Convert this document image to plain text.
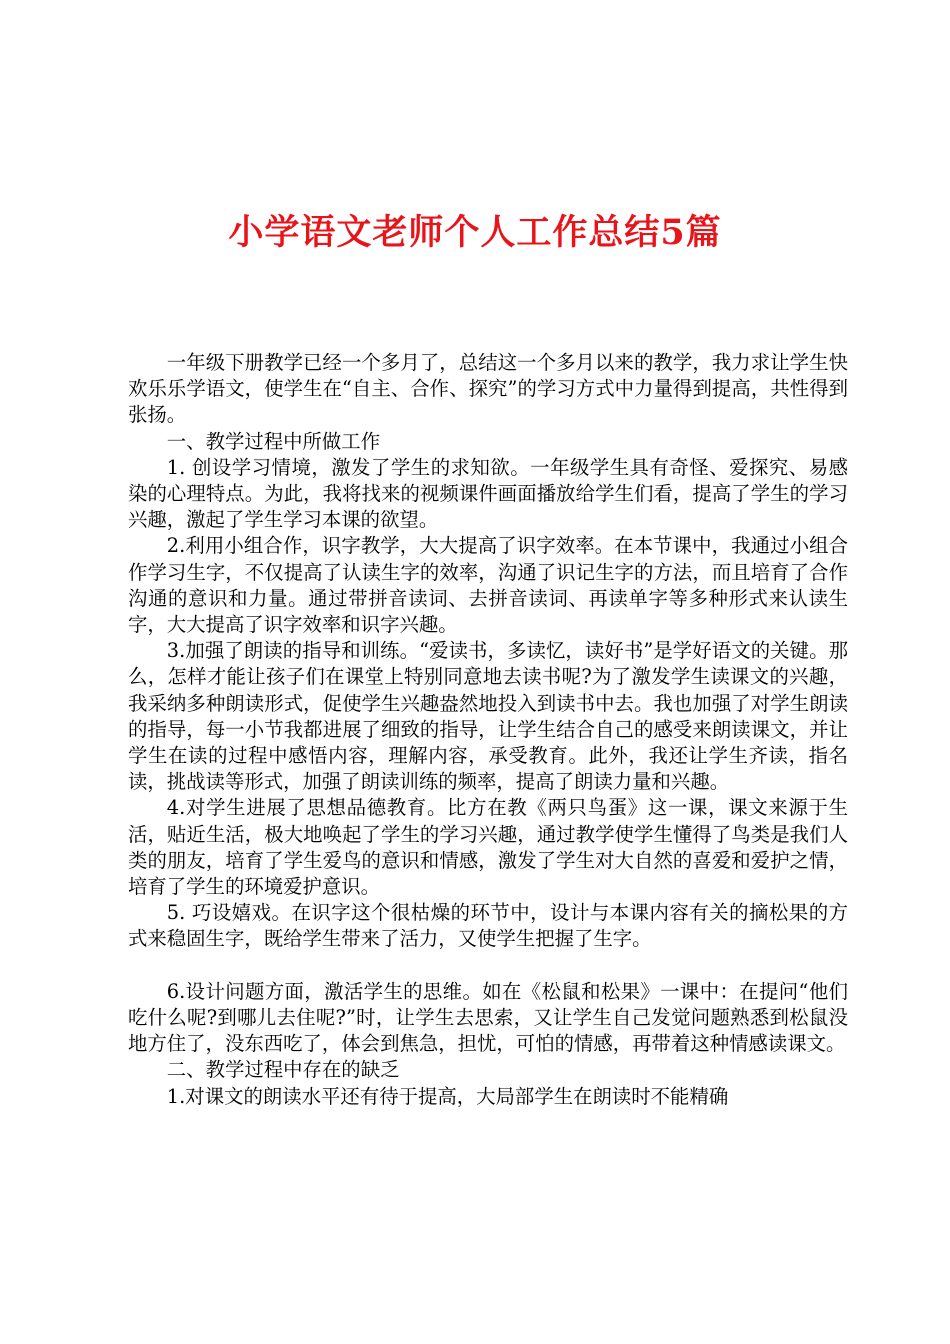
小学语文老师个人工作总结5篇

一年级下册教学已经一个多月了，总结这一个多月以来的教学，我力求让学生快欢乐乐学语文，使学生在“自主、合作、探究”的学习方式中力量得到提高，共性得到张扬。

一、教学过程中所做工作

1. 创设学习情境，激发了学生的求知欲。一年级学生具有奇怪、爱探究、易感染的心理特点。为此，我将找来的视频课件画面播放给学生们看，提高了学生的学习兴趣，激起了学生学习本课的欲望。

2.利用小组合作，识字教学，大大提高了识字效率。在本节课中，我通过小组合作学习生字，不仅提高了认读生字的效率，沟通了识记生字的方法，而且培育了合作沟通的意识和力量。通过带拼音读词、去拼音读词、再读单字等多种形式来认读生字，大大提高了识字效率和识字兴趣。

3.加强了朗读的指导和训练。“爱读书，多读忆，读好书”是学好语文的关键。那么，怎样才能让孩子们在课堂上特别同意地去读书呢?为了激发学生读课文的兴趣，我采纳多种朗读形式，促使学生兴趣盎然地投入到读书中去。我也加强了对学生朗读的指导，每一小节我都进展了细致的指导，让学生结合自己的感受来朗读课文，并让学生在读的过程中感悟内容，理解内容，承受教育。此外，我还让学生齐读，指名读，挑战读等形式，加强了朗读训练的频率，提高了朗读力量和兴趣。

4.对学生进展了思想品德教育。比方在教《两只鸟蛋》这一课，课文来源于生活，贴近生活，极大地唤起了学生的学习兴趣，通过教学使学生懂得了鸟类是我们人类的朋友，培育了学生爱鸟的意识和情感，激发了学生对大自然的喜爱和爱护之情，培育了学生的环境爱护意识。

5. 巧设嬉戏。在识字这个很枯燥的环节中，设计与本课内容有关的摘松果的方式来稳固生字，既给学生带来了活力，又使学生把握了生字。

6.设计问题方面，激活学生的思维。如在《松鼠和松果》一课中：在提问“他们吃什么呢?到哪儿去住呢?”时，让学生去思索，又让学生自己发觉问题熟悉到松鼠没地方住了，没东西吃了，体会到焦急，担忧，可怕的情感，再带着这种情感读课文。

二、教学过程中存在的缺乏

1.对课文的朗读水平还有待于提高，大局部学生在朗读时不能精确
